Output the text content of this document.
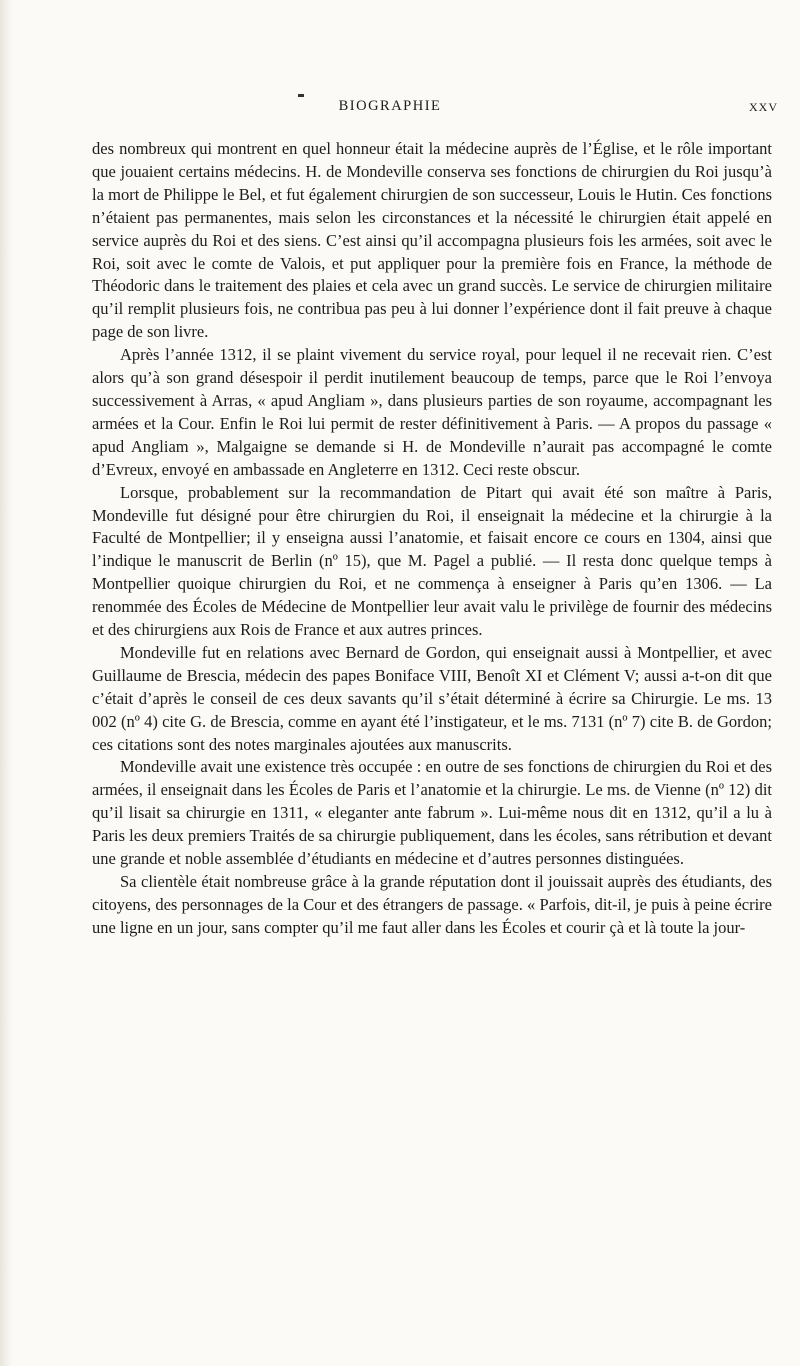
BIOGRAPHIE	XXV

des nombreux qui montrent en quel honneur était la médecine auprès de l’Église, et le rôle important que jouaient certains médecins. H. de Mondeville conserva ses fonctions de chirurgien du Roi jusqu’à la mort de Philippe le Bel, et fut également chirurgien de son successeur, Louis le Hutin. Ces fonctions n’étaient pas permanentes, mais selon les circonstances et la nécessité le chirurgien était appelé en service auprès du Roi et des siens. C’est ainsi qu’il accompagna plusieurs fois les armées, soit avec le Roi, soit avec le comte de Valois, et put appliquer pour la première fois en France, la méthode de Théodoric dans le traitement des plaies et cela avec un grand succès. Le service de chirurgien militaire qu’il remplit plusieurs fois, ne contribua pas peu à lui donner l’expérience dont il fait preuve à chaque page de son livre.

Après l’année 1312, il se plaint vivement du service royal, pour lequel il ne recevait rien. C’est alors qu’à son grand désespoir il perdit inutilement beaucoup de temps, parce que le Roi l’envoya successivement à Arras, « apud Angliam », dans plusieurs parties de son royaume, accompagnant les armées et la Cour. Enfin le Roi lui permit de rester définitivement à Paris. — A propos du passage « apud Angliam », Malgaigne se demande si H. de Mondeville n’aurait pas accompagné le comte d’Evreux, envoyé en ambassade en Angleterre en 1312. Ceci reste obscur.

Lorsque, probablement sur la recommandation de Pitart qui avait été son maître à Paris, Mondeville fut désigné pour être chirurgien du Roi, il enseignait la médecine et la chirurgie à la Faculté de Montpellier; il y enseigna aussi l’anatomie, et faisait encore ce cours en 1304, ainsi que l’indique le manuscrit de Berlin (nº 15), que M. Pagel a publié. — Il resta donc quelque temps à Montpellier quoique chirurgien du Roi, et ne commença à enseigner à Paris qu’en 1306. — La renommée des Écoles de Médecine de Montpellier leur avait valu le privilège de fournir des médecins et des chirurgiens aux Rois de France et aux autres princes.

Mondeville fut en relations avec Bernard de Gordon, qui enseignait aussi à Montpellier, et avec Guillaume de Brescia, médecin des papes Boniface VIII, Benoît XI et Clément V; aussi a-t-on dit que c’était d’après le conseil de ces deux savants qu’il s’était déterminé à écrire sa Chirurgie. Le ms. 13 002 (nº 4) cite G. de Brescia, comme en ayant été l’instigateur, et le ms. 7131 (nº 7) cite B. de Gordon; ces citations sont des notes marginales ajoutées aux manuscrits.

Mondeville avait une existence très occupée : en outre de ses fonctions de chirurgien du Roi et des armées, il enseignait dans les Écoles de Paris et l’anatomie et la chirurgie. Le ms. de Vienne (nº 12) dit qu’il lisait sa chirurgie en 1311, « eleganter ante fabrum ». Lui-même nous dit en 1312, qu’il a lu à Paris les deux premiers Traités de sa chirurgie publiquement, dans les écoles, sans rétribution et devant une grande et noble assemblée d’étudiants en médecine et d’autres personnes distinguées.

Sa clientèle était nombreuse grâce à la grande réputation dont il jouissait auprès des étudiants, des citoyens, des personnages de la Cour et des étrangers de passage. « Parfois, dit-il, je puis à peine écrire une ligne en un jour, sans compter qu’il me faut aller dans les Écoles et courir çà et là toute la jour-
